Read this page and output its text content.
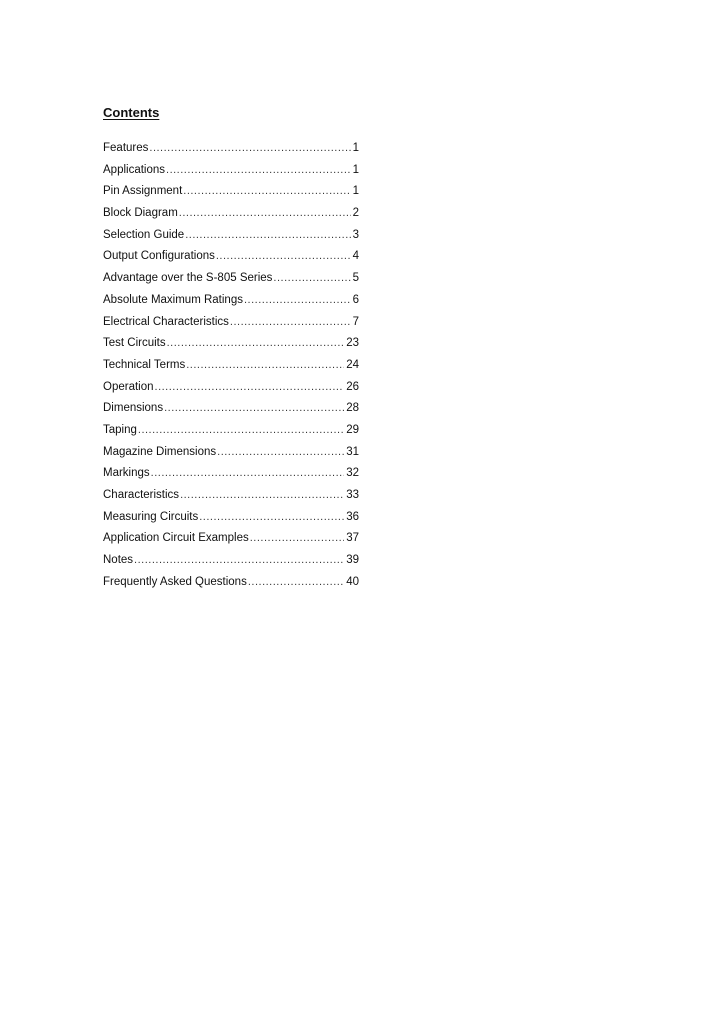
Contents
Features .....	1
Applications .....	1
Pin Assignment .....	1
Block Diagram .....	2
Selection Guide .....	3
Output Configurations .....	4
Advantage over the S-805 Series .....	5
Absolute Maximum Ratings .....	6
Electrical Characteristics .....	7
Test Circuits .....	23
Technical Terms .....	24
Operation .....	26
Dimensions .....	28
Taping .....	29
Magazine Dimensions .....	31
Markings .....	32
Characteristics .....	33
Measuring Circuits .....	36
Application Circuit Examples .....	37
Notes .....	39
Frequently Asked Questions .....	40
